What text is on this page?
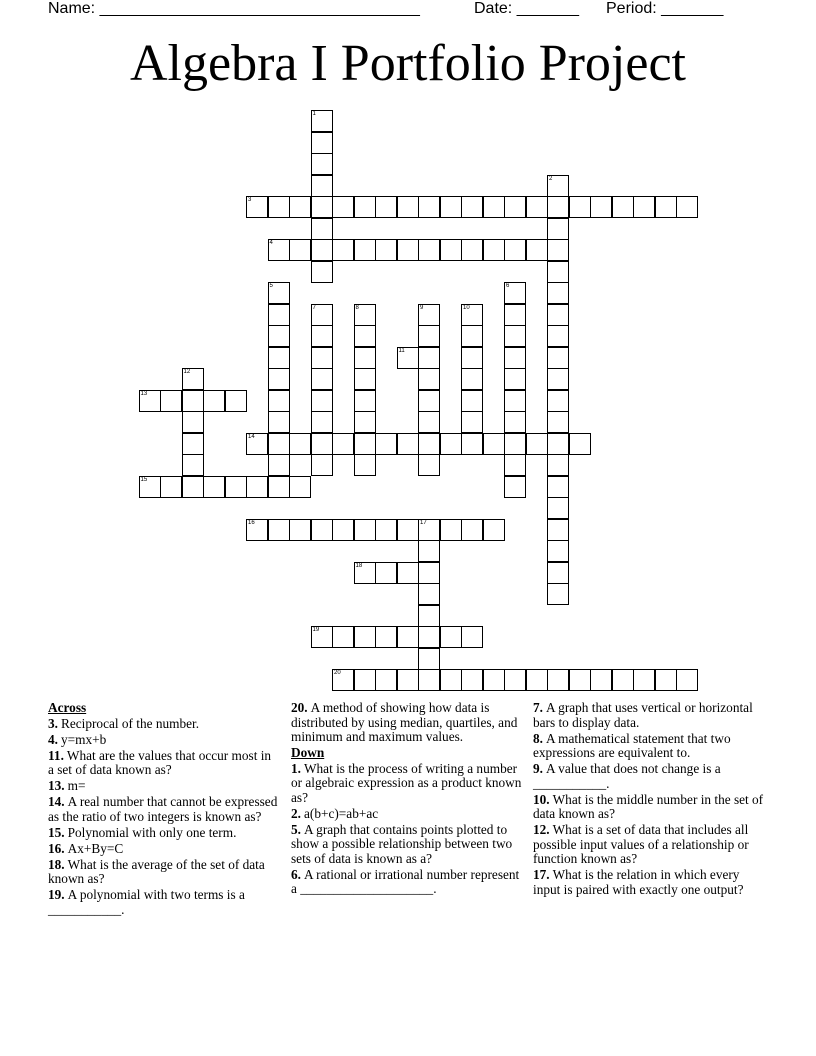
Name: ____________________________________	Date: _______ Period: _______
Algebra I Portfolio Project
3
4
11
13
14
15
16	17
18
19
20
1
2
5	6
7	8	9	10
12
Across
3. Reciprocal of the number.
4. y=mx+b
11. What are the values that occur most in a set of data known as?
13. m=
14. A real number that cannot be expressed as the ratio of two integers is known as?
15. Polynomial with only one term.
16. Ax+By=C
18. What is the average of the set of data known as?
19. A polynomial with two terms is a ___________.
20. A method of showing how data is distributed by using median, quartiles, and minimum and maximum values.
Down
1. What is the process of writing a number or algebraic expression as a product known as?
2. a(b+c)=ab+ac
5. A graph that contains points plotted to show a possible relationship between two sets of data is known as a?
6. A rational or irrational number represent a ____________________.
7. A graph that uses vertical or horizontal bars to display data.
8. A mathematical statement that two expressions are equivalent to.
9. A value that does not change is a ___________.
10. What is the middle number in the set of data known as?
12. What is a set of data that includes all possible input values of a relationship or function known as?
17. What is the relation in which every input is paired with exactly one output?
